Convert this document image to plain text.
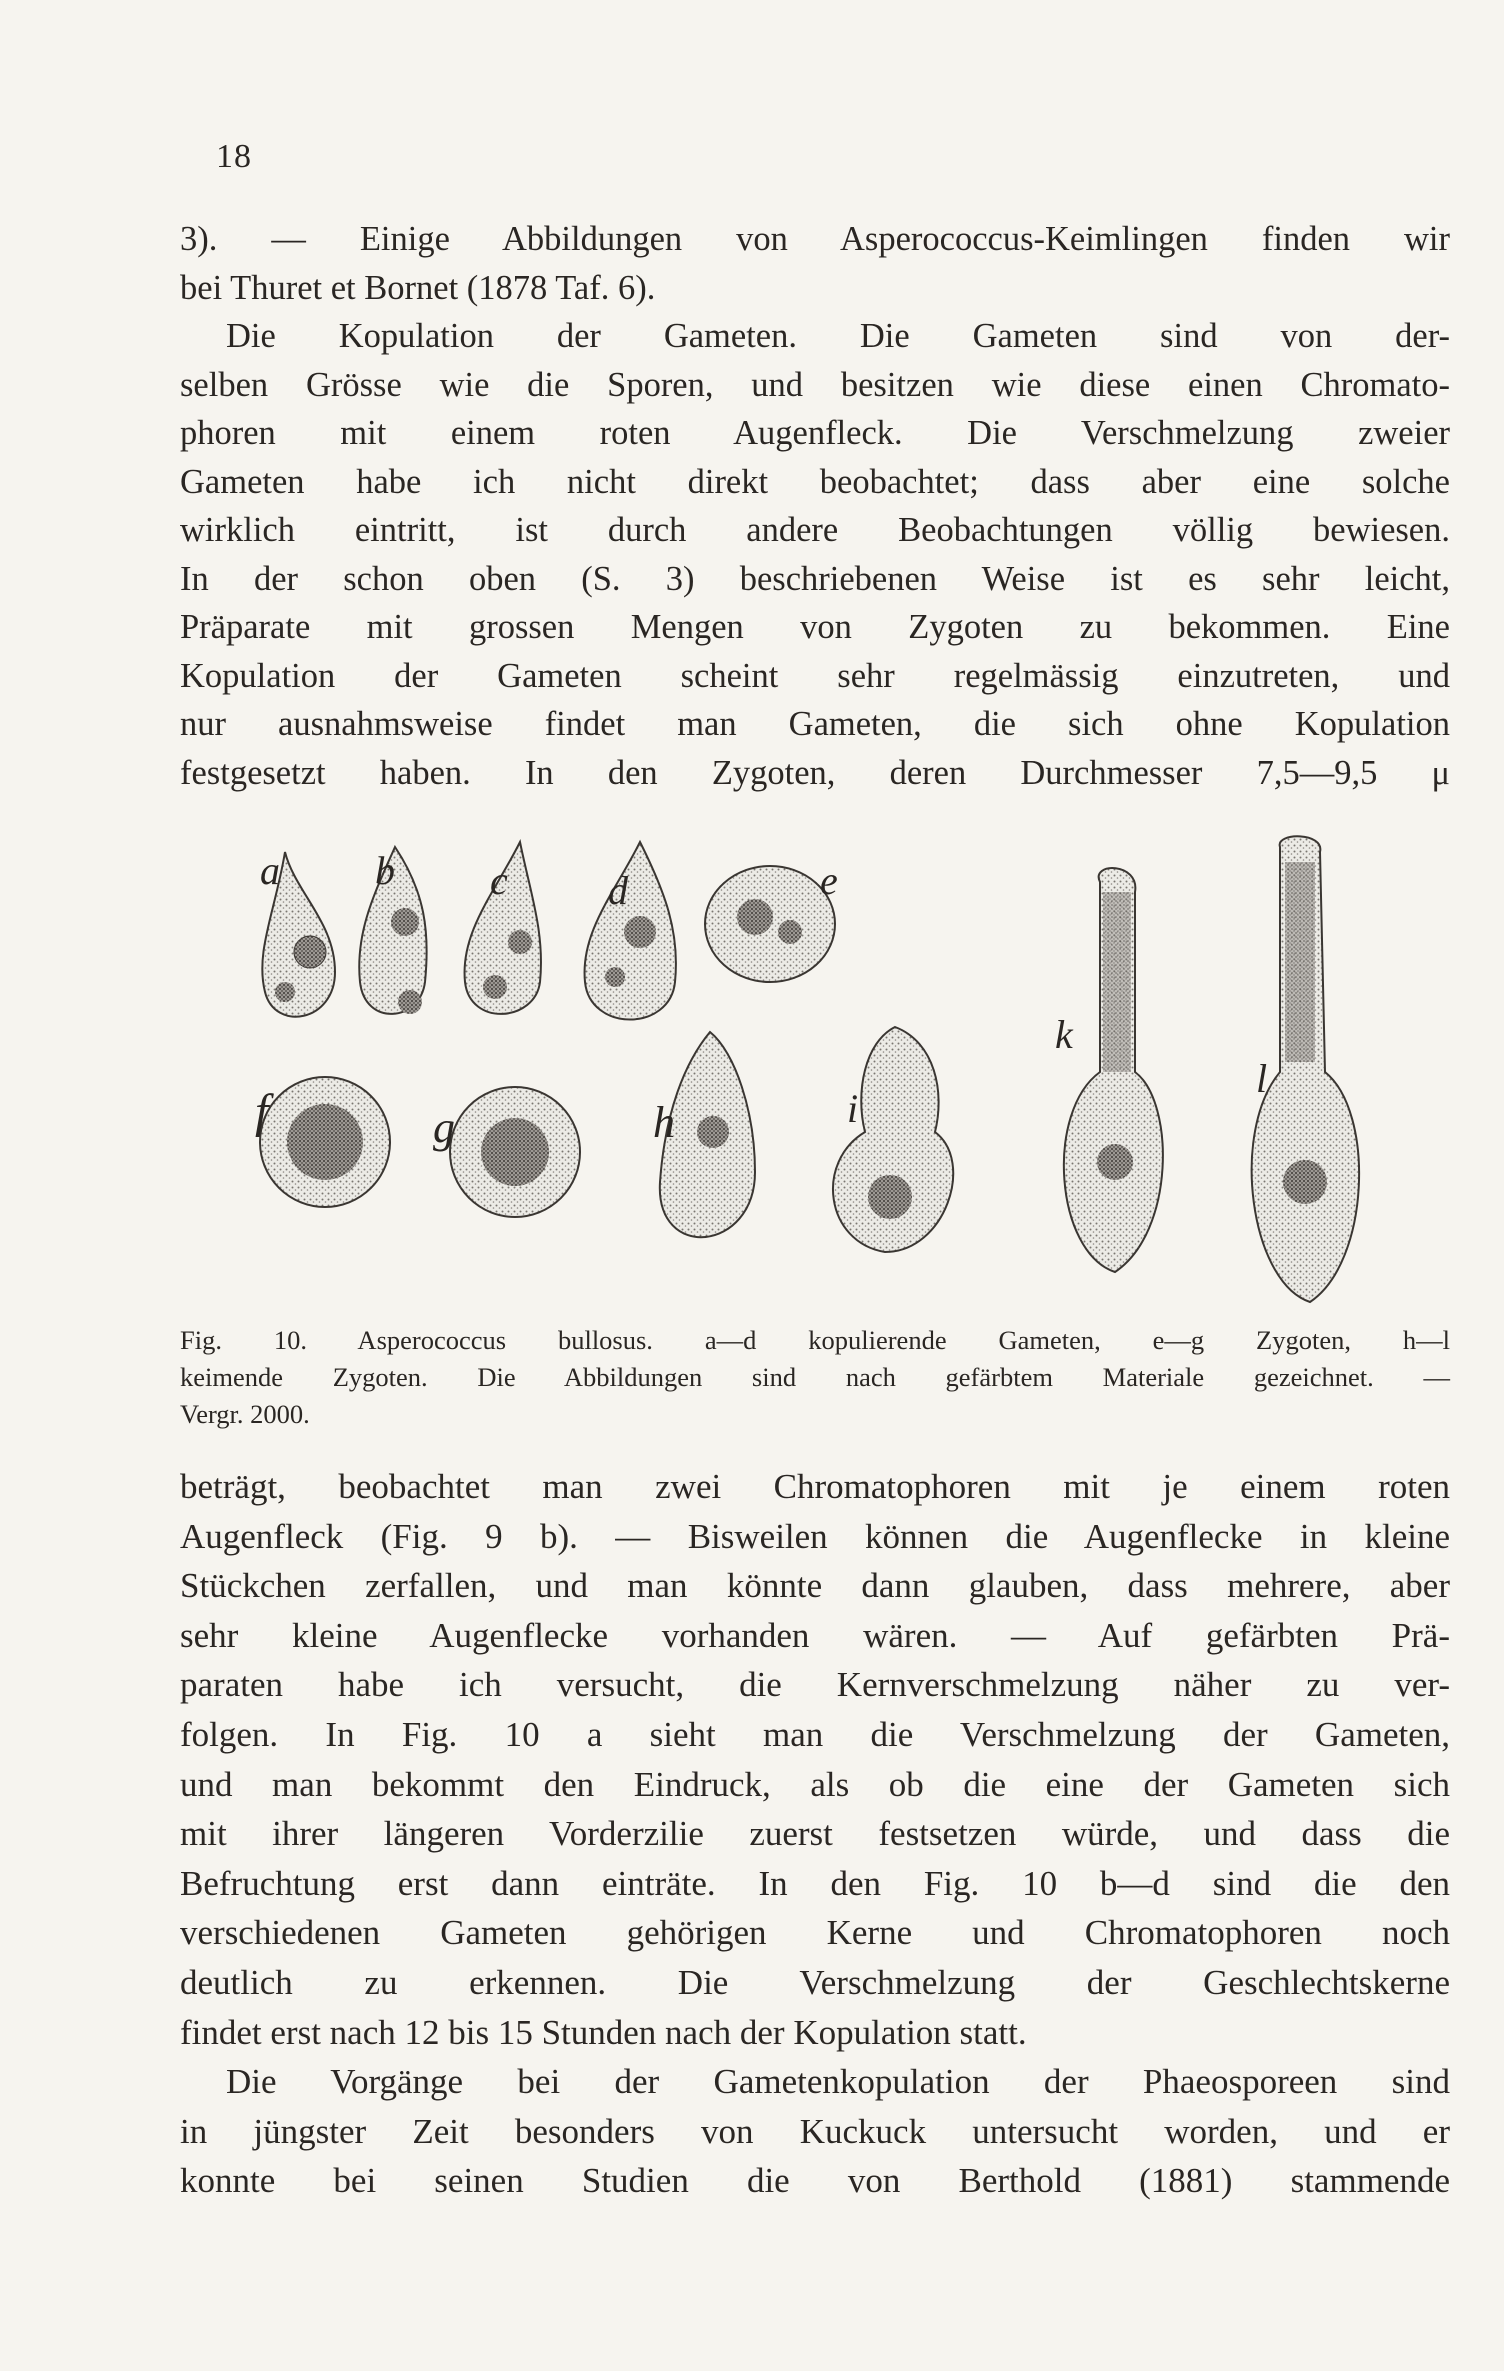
18

3). — Einige Abbildungen von Asperococcus-Keimlingen finden wir
bei Thuret et Bornet (1878 Taf. 6).
Die Kopulation der Gameten. Die Gameten sind von der-
selben Grösse wie die Sporen, und besitzen wie diese einen Chromato-
phoren mit einem roten Augenfleck. Die Verschmelzung zweier
Gameten habe ich nicht direkt beobachtet; dass aber eine solche
wirklich eintritt, ist durch andere Beobachtungen völlig bewiesen.
In der schon oben (S. 3) beschriebenen Weise ist es sehr leicht,
Präparate mit grossen Mengen von Zygoten zu bekommen. Eine
Kopulation der Gameten scheint sehr regelmässig einzutreten, und
nur ausnahmsweise findet man Gameten, die sich ohne Kopulation
festgesetzt haben. In den Zygoten, deren Durchmesser 7,5—9,5 μ

a b c	d	e
f	g	h	i
k
l

Fig. 10. Asperococcus bullosus. a—d kopulierende Gameten, e—g Zygoten, h—l
keimende Zygoten. Die Abbildungen sind nach gefärbtem Materiale gezeichnet. —
Vergr. 2000.

beträgt, beobachtet man zwei Chromatophoren mit je einem roten
Augenfleck (Fig. 9 b). — Bisweilen können die Augenflecke in kleine
Stückchen zerfallen, und man könnte dann glauben, dass mehrere, aber
sehr kleine Augenflecke vorhanden wären. — Auf gefärbten Prä-
paraten habe ich versucht, die Kernverschmelzung näher zu ver-
folgen. In Fig. 10 a sieht man die Verschmelzung der Gameten,
und man bekommt den Eindruck, als ob die eine der Gameten sich
mit ihrer längeren Vorderzilie zuerst festsetzen würde, und dass die
Befruchtung erst dann einträte. In den Fig. 10 b—d sind die den
verschiedenen Gameten gehörigen Kerne und Chromatophoren noch
deutlich zu erkennen. Die Verschmelzung der Geschlechtskerne
findet erst nach 12 bis 15 Stunden nach der Kopulation statt.
Die Vorgänge bei der Gametenkopulation der Phaeosporeen sind
in jüngster Zeit besonders von Kuckuck untersucht worden, und er
konnte bei seinen Studien die von Berthold (1881) stammende
